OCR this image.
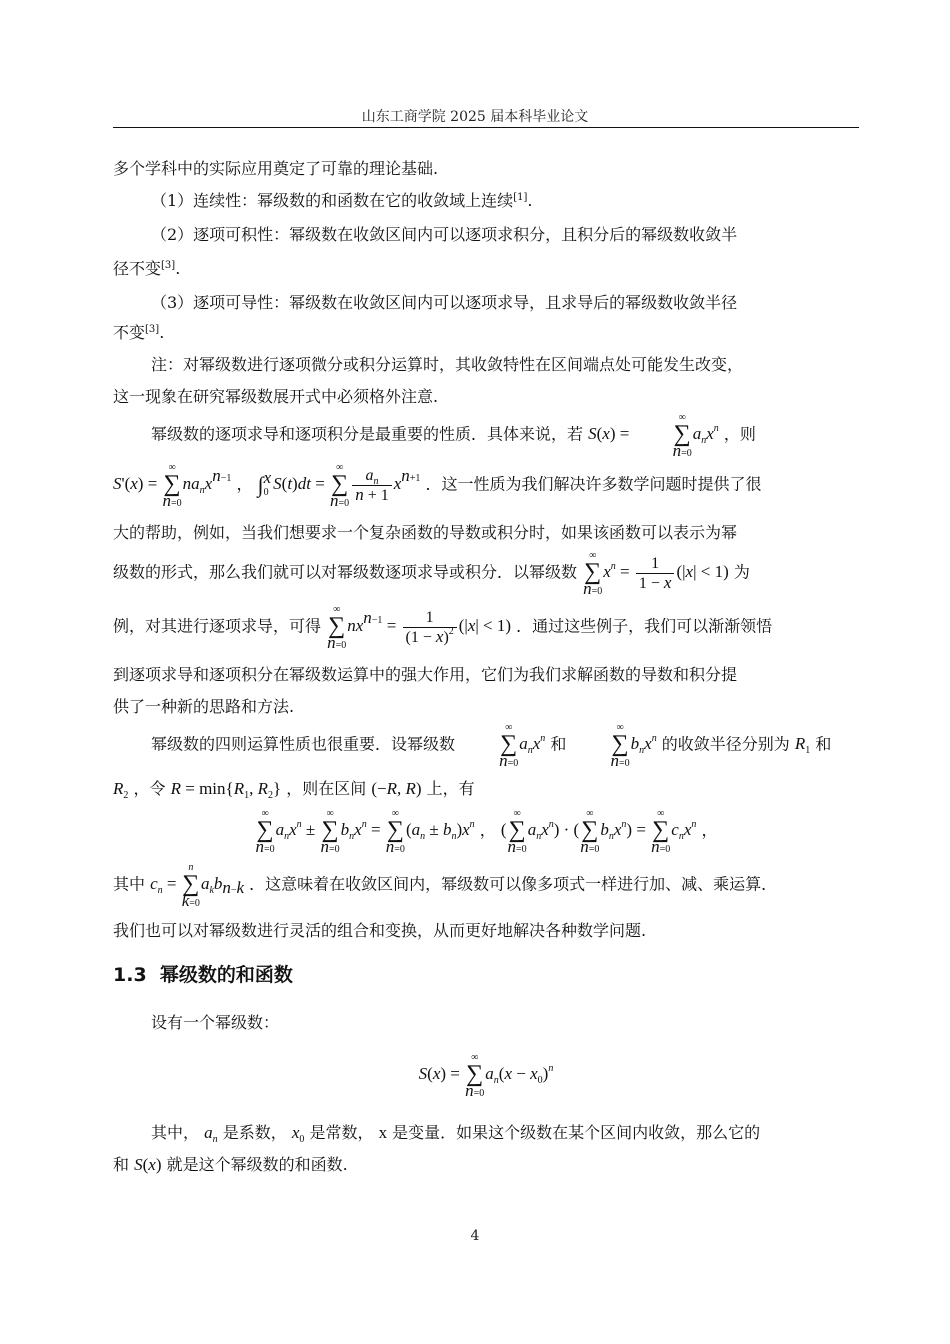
山东工商学院 2025 届本科毕业论文
多个学科中的实际应用奠定了可靠的理论基础.
（1）连续性：幂级数的和函数在它的收敛域上连续[1].
（2）逐项可积性：幂级数在收敛区间内可以逐项求积分，且积分后的幂级数收敛半
径不变[3].
（3）逐项可导性：幂级数在收敛区间内可以逐项求导，且求导后的幂级数收敛半径
不变[3].
注：对幂级数进行逐项微分或积分运算时，其收敛特性在区间端点处可能发生改变，
这一现象在研究幂级数展开式中必须格外注意.
幂级数的逐项求导和逐项积分是最重要的性质．具体来说，若 S(x) =
∞
∑
n=0
$a_nx^n$ ，则
S'(x) =
∞
∑
n=0
$na_nx^{n-1}$ ， ∫x
0 S(t)dt =
∞
∑
$n=0 \frac{a_n}{n + 1} x^{n+1}$ ．这一性质为我们解决许多数学问题时提供了很
大的帮助，例如，当我们想要求一个复杂函数的导数或积分时，如果该函数可以表示为幂
级数的形式，那么我们就可以对幂级数逐项求导或积分．以幂级数
∞
∑
n=0
$x^n = \frac{1}{1 - x} (|x| < 1)$ 为
例，对其进行逐项求导，可得
∞
∑
n=0
$nx^{n-1} = \frac{1}{(1 - x)^2} (|x| < 1)$ ．通过这些例子，我们可以渐渐领悟
到逐项求导和逐项积分在幂级数运算中的强大作用，它们为我们求解函数的导数和积分提
供了一种新的思路和方法.
幂级数的四则运算性质也很重要．设幂级数
∞
∑
n=0
$a_nx^n$ 和
∞
∑
n=0
$b_nx^n$ 的收敛半径分别为 $R_1$ 和
$R_2$ ，令 $R = \min\{R_1$, $R_2$} ，则在区间 (−R, R) 上，有
∞
∑
n=0
$a_nx^n$ ±
∞
∑
n=0
$b_nx^n$ =
∞
∑
n=0
$(a_n \pm b_n)x^n$ ， (
∞
∑
n=0
$a_nx^n$) · (
∞
∑
n=0
$b_nx^n$) =
∞
∑
n=0
$c_nx^n$ ，
其中 $c_n$ =
n
∑
k=0
$a_kb_{n-k}$ ．这意味着在收敛区间内，幂级数可以像多项式一样进行加、减、乘运算．
我们也可以对幂级数进行灵活的组合和变换，从而更好地解决各种数学问题.
1.3 幂级数的和函数
设有一个幂级数：
S(x) =
∞
∑
n=0
$a_n(x - x_0)^n$
其中， $a_n$ 是系数， $x_0$ 是常数， x 是变量．如果这个级数在某个区间内收敛，那么它的
和 S(x) 就是这个幂级数的和函数.
4
